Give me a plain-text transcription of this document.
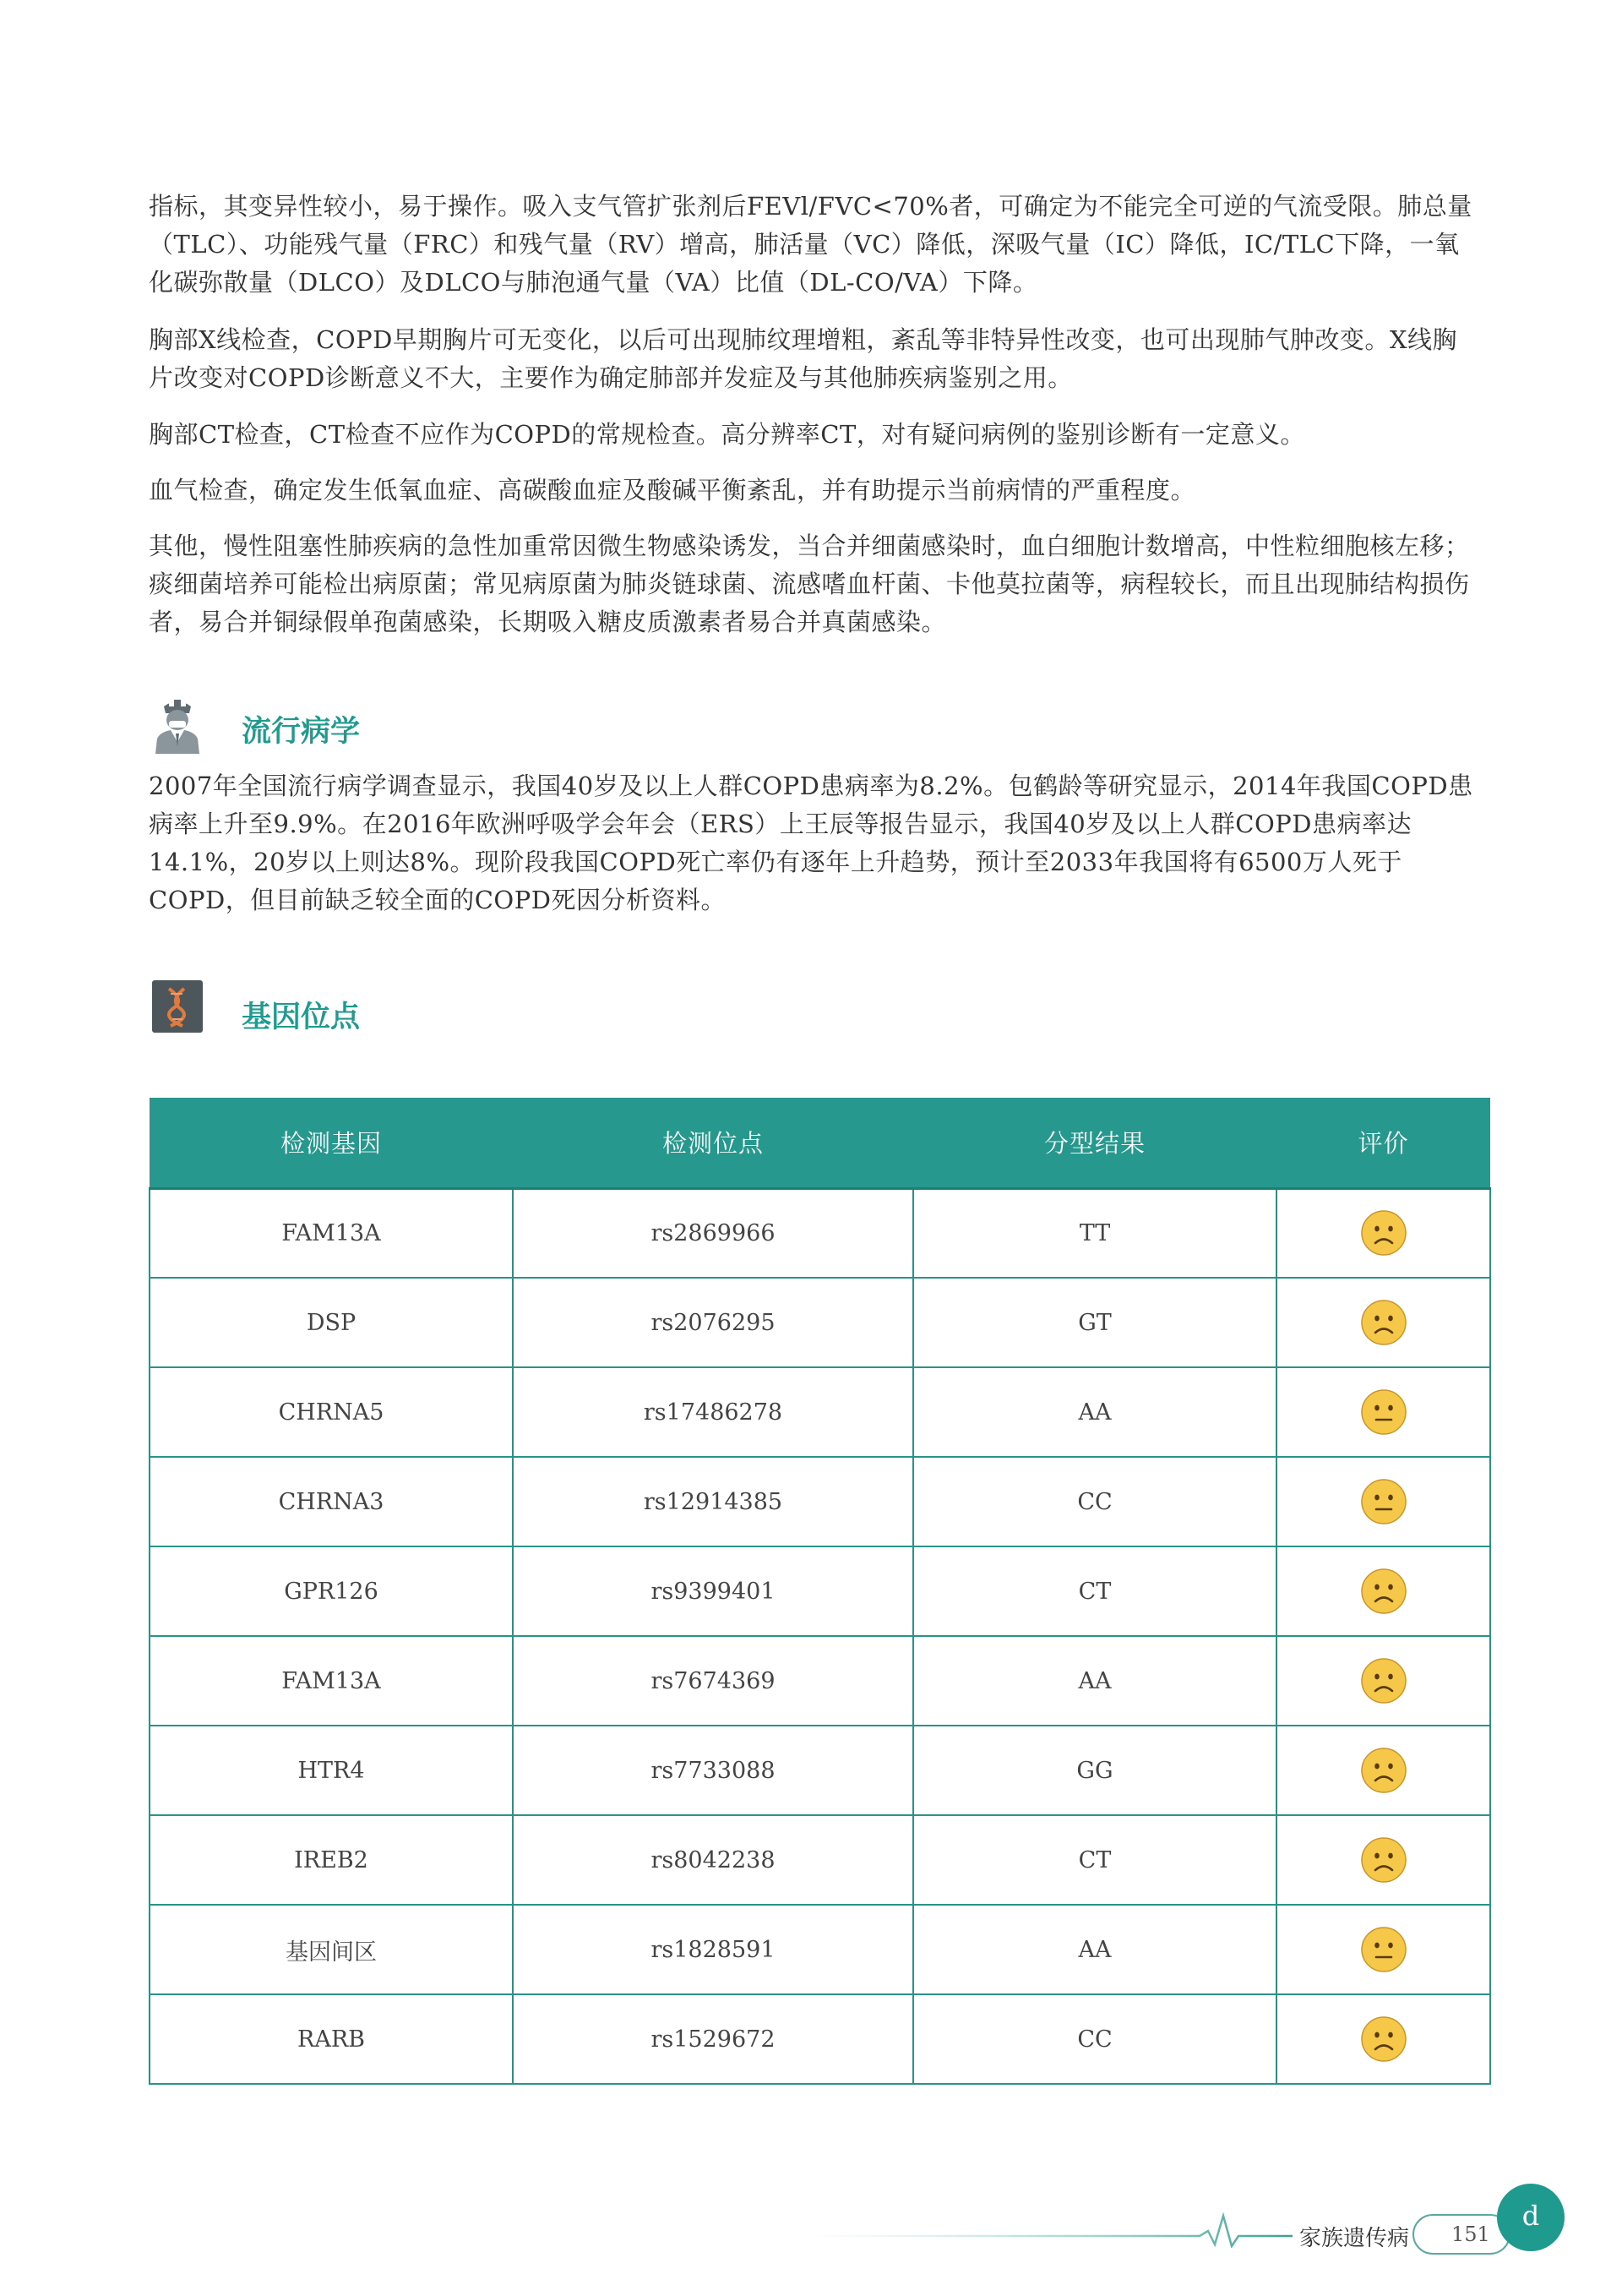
指标，其变异性较小，易于操作。吸入支气管扩张剂后FEVl/FVC<70%者，可确定为不能完全可逆的气流受限。肺总量（TLC）、功能残气量（FRC）和残气量（RV）增高，肺活量（VC）降低，深吸气量（IC）降低，IC/TLC下降，一氧化碳弥散量（DLCO）及DLCO与肺泡通气量（VA）比值（DL-CO/VA）下降。

胸部X线检查，COPD早期胸片可无变化，以后可出现肺纹理增粗，紊乱等非特异性改变，也可出现肺气肿改变。X线胸片改变对COPD诊断意义不大，主要作为确定肺部并发症及与其他肺疾病鉴别之用。

胸部CT检查，CT检查不应作为COPD的常规检查。高分辨率CT，对有疑问病例的鉴别诊断有一定意义。

血气检查，确定发生低氧血症、高碳酸血症及酸碱平衡紊乱，并有助提示当前病情的严重程度。

其他，慢性阻塞性肺疾病的急性加重常因微生物感染诱发，当合并细菌感染时，血白细胞计数增高，中性粒细胞核左移；痰细菌培养可能检出病原菌；常见病原菌为肺炎链球菌、流感嗜血杆菌、卡他莫拉菌等，病程较长，而且出现肺结构损伤者，易合并铜绿假单孢菌感染，长期吸入糖皮质激素者易合并真菌感染。

流行病学

2007年全国流行病学调查显示，我国40岁及以上人群COPD患病率为8.2%。包鹤龄等研究显示，2014年我国COPD患病率上升至9.9%。在2016年欧洲呼吸学会年会（ERS）上王辰等报告显示，我国40岁及以上人群COPD患病率达14.1%，20岁以上则达8%。现阶段我国COPD死亡率仍有逐年上升趋势，预计至2033年我国将有6500万人死于COPD，但目前缺乏较全面的COPD死因分析资料。

基因位点
检测基因	检测位点	分型结果	评价
FAM13A	rs2869966	TT	
DSP	rs2076295	GT	
CHRNA5	rs17486278	AA	
CHRNA3	rs12914385	CC	
GPR126	rs9399401	CT	
FAM13A	rs7674369	AA	
HTR4	rs7733088	GG	
IREB2	rs8042238	CT	
基因间区	rs1828591	AA	
RARB	rs1529672	CC	
家族遗传病	151
d
